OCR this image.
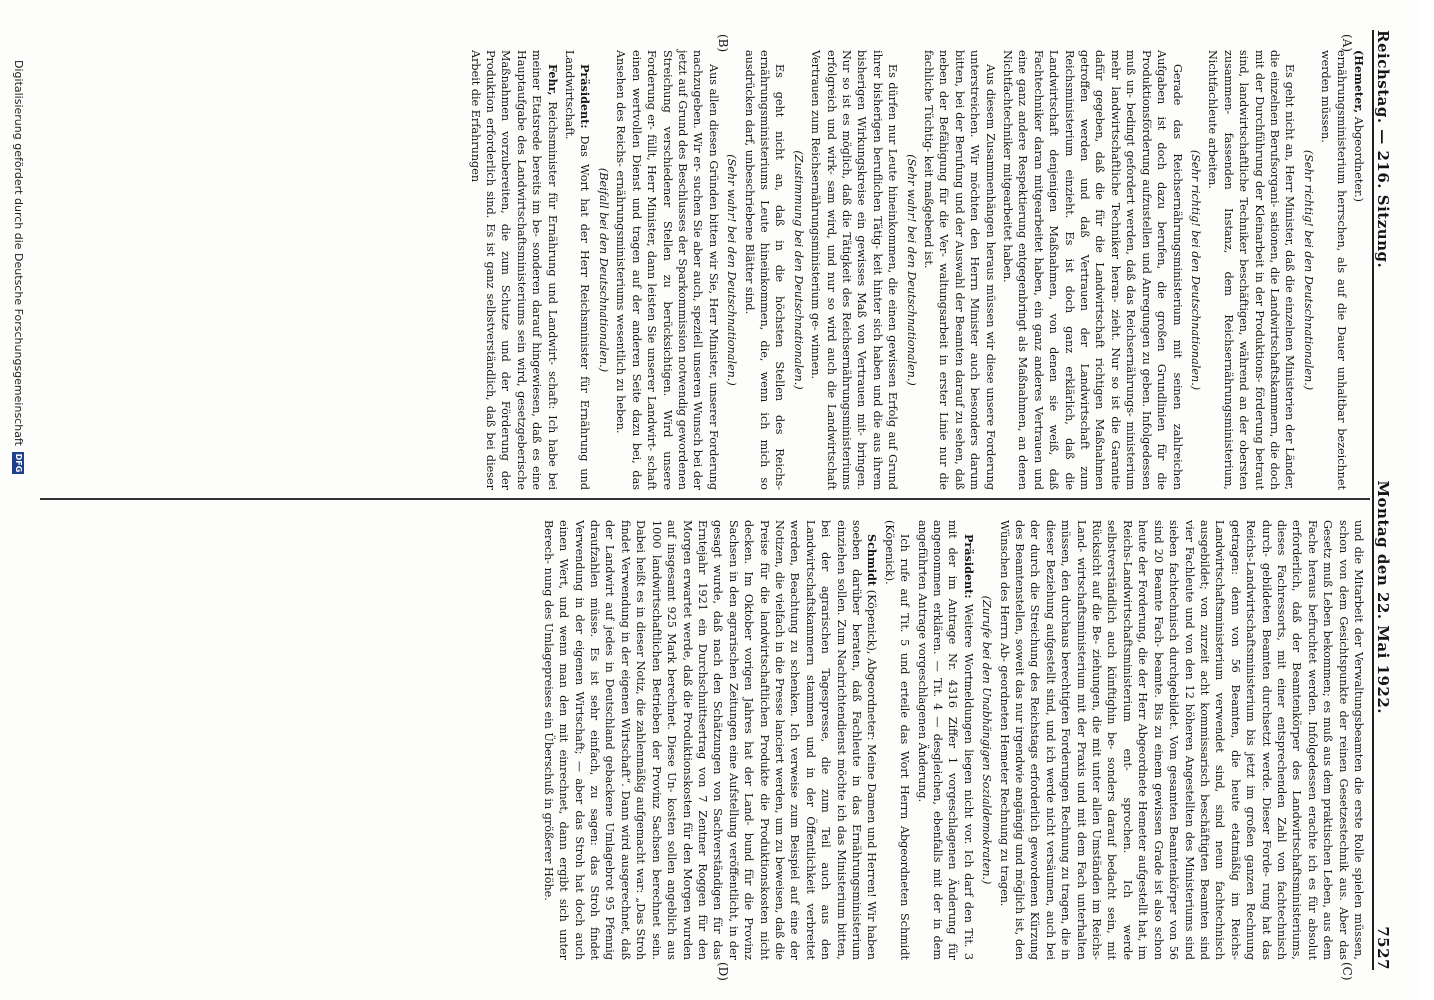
Reichstag. — 216. Sitzung.
Montag den 22. Mai 1922.
7527
(A)
(B)
(C)
(D)

(Hemeter, Abgeordneter.)

ernährungsministerium herrschen, als auf die Dauer unhaltbar bezeichnet werden müssen.

(Sehr richtig! bei den Deutschnationalen.)

Es geht nicht an, Herr Minister, daß die einzelnen Ministerien der Länder, die einzelnen Berufsorgani- sationen, die Landwirtschaftskammern, die doch mit der Durchführung der Kleinarbeit in der Produktions- förderung betraut sind, landwirtschaftliche Techniker beschäftigen, während an der obersten zusammen- fassenden Instanz, dem Reichsernährungsministerium, Nichtfachleute arbeiten.

(Sehr richtig! bei den Deutschnationalen.)

Gerade das Reichsernährungsministerium mit seinen zahlreichen Aufgaben ist doch dazu berufen, die großen Grundlinien für die Produktionsförderung aufzustellen und Anregungen zu geben. Infolgedessen muß un- bedingt gefordert werden, daß das Reichsernährungs- ministerium mehr landwirtschaftliche Techniker heran- zieht. Nur so ist die Garantie dafür gegeben, daß die für die Landwirtschaft richtigen Maßnahmen getroffen werden und daß Vertrauen der Landwirtschaft zum Reichsministerium einzieht. Es ist doch ganz erklärlich, daß die Landwirtschaft denjenigen Maßnahmen, von denen sie weiß, daß Fachtechniker daran mitgearbeitet haben, ein ganz anderes Vertrauen und eine ganz andere Respektierung entgegenbringt als Maßnahmen, an denen Nichtfachtechniker mitgearbeitet haben.

Aus diesem Zusammenhängen heraus müssen wir diese unsere Forderung unterstreichen. Wir möchten den Herrn Minister auch besonders darum bitten, bei der Berufung und der Auswahl der Beamten darauf zu sehen, daß neben der Befähigung für die Ver- waltungsarbeit in erster Linie nur die fachliche Tüchtig- keit maßgebend ist.

(Sehr wahr! bei den Deutschnationalen.)

Es dürfen nur Leute hineinkommen, die einen gewissen Erfolg auf Grund ihrer bisherigen beruflichen Tätig- keit hinter sich haben und die aus ihrem bisherigen Wirkungskreise ein gewisses Maß von Vertrauen mit- bringen. Nur so ist es möglich, daß die Tätigkeit des Reichsernährungsministeriums erfolgreich und wirk- sam wird, und nur so wird auch die Landwirtschaft Vertrauen zum Reichsernährungsministerium ge- winnen.

(Zustimmung bei den Deutschnationalen.)

Es geht nicht an, daß in die höchsten Stellen des Reichs- ernährungsministeriums Leute hineinkommen, die, wenn ich mich so ausdrücken darf, unbeschriebene Blätter sind.

(Sehr wahr! bei den Deutschnationalen.)

Aus allen diesen Gründen bitten wir Sie, Herr Minister, unserer Forderung nachzugeben. Wir er- suchen Sie aber auch, speziell unseren Wunsch bei der jetzt auf Grund des Beschlusses der Sparkommission notwendig gewordenen Streichung verschiedener Stellen zu berücksichtigen. Wird unsere Forderung er- füllt, Herr Minister, dann leisten Sie unserer Landwirt- schaft einen wertvollen Dienst und tragen auf der anderen Seite dazu bei, das Ansehen des Reichs- ernährungsministeriums wesentlich zu heben.

(Beifall bei den Deutschnationalen.)

Präsident: Das Wort hat der Herr Reichsminister für Ernährung und Landwirtschaft.

Fehr, Reichsminister für Ernährung und Landwirt- schaft: Ich habe bei meiner Etatsrede bereits im be- sonderen darauf hingewiesen, daß es eine Hauptaufgabe des Landwirtschaftsministeriums sein wird, gesetzgeberische Maßnahmen vorzubereiten, die zum Schutze und der Förderung der Produktion erforderlich sind. Es ist ganz selbstverständlich, daß bei dieser Arbeit die Erfahrungen

und die Mitarbeit der Verwaltungsbeamten die erste Rolle spielen müssen, schon von dem Gesichtspunkte der reinen Gesetzestechnik aus. Aber das Gesetz muß Leben bekommen; es muß aus dem praktischen Leben, aus dem Fache heraus befruchtet werden. Infolgedessen erachte ich es für absolut erforderlich, daß der Beamtenkörper des Landwirtschaftsministeriums, dieses Fachressorts, mit einer entsprechenden Zahl von fachtechnisch durch- gebildeten Beamten durchsetzt werde. Dieser Forde- rung hat das Reichs-Landwirtschaftsministerium bis jetzt im großen ganzen Rechnung getragen: denn von 56 Beamten, die heute etatmäßig im Reichs-Landwirtschaftsministerium verwendet sind, sind neun fachtechnisch ausgebildet; von zurzeit acht kommissarisch beschäftigten Beamten sind vier Fachleute und von den 12 höheren Angestellten des Ministeriums sind sieben fachtechnisch durchgebildet. Vom gesamten Beamtenkörper von 56 sind 20 Beamte Fach- beamte. Bis zu einem gewissen Grade ist also schon heute der Forderung, die der Herr Abgeordnete Hemeter aufgestellt hat, im Reichs-Landwirtschaftsministerium ent- sprochen. Ich werde selbstverständlich auch künftighin be- sonders darauf bedacht sein, mit Rücksicht auf die Be- ziehungen, die mit unter allen Umständen im Reichs-Land- wirtschaftsministerium mit der Praxis und mit dem Fach unterhalten müssen, den durchaus berechtigten Forderungen Rechnung zu tragen, die in dieser Beziehung aufgestellt sind, und ich werde nicht versäumen, auch bei der durch die Streichung des Reichstags erforderlich gewordenen Kürzung des Beamtenstellen, soweit das nur irgendwie angängig und möglich ist, den Wünschen des Herrn Ab- geordneten Hemeter Rechnung zu tragen.

(Zurufe bei den Unabhängigen Sozialdemokraten.)

Präsident: Weitere Wortmeldungen liegen nicht vor. Ich darf den Tit. 3 mit der im Antrage Nr. 4316 Ziffer 1 vorgeschlagenen Änderung für angenommen erklären. — Tit. 4 — desgleichen, ebenfalls mit der in dem angeführten Antrage vorgeschlagenen Änderung.

Ich rufe auf Tit. 5 und erteile das Wort Herrn Abgeordneten Schmidt (Köpenick).

Schmidt (Köpenick), Abgeordneter: Meine Damen und Herren! Wir haben soeben darüber beraten, daß Fachleute in das Ernährungsministerium einziehen sollen. Zum Nachrichtendienst möchte ich das Ministerium bitten, bei der agrarischen Tagespresse, die zum Teil auch aus den Landwirtschaftskammern stammen und in der Öffentlichkeit verbreitet werden, Beachtung zu schenken. Ich verweise zum Beispiel auf eine der Notizen, die vielfach in die Presse lanciert werden, um zu beweisen, daß die Preise für die landwirtschaftlichen Produkte die Produktionskosten nicht decken. Im Oktober vorigen Jahres hat der Land- bund für die Provinz Sachsen in den agrarischen Zeitungen eine Aufstellung veröffentlicht, in der gesagt wurde, daß nach den Schätzungen von Sachverständigen für das Erntejahr 1921 ein Durchschnittsertrag von 7 Zentner Roggen für den Morgen erwartet werde, daß die Produktionskosten für den Morgen wurden auf insgesamt 925 Mark berechnet. Diese Un- kosten sollen angeblich aus 1000 landwirtschaftlichen Betrieben der Provinz Sachsen berechnet sein. Dabei heißt es in dieser Notiz, die zahlenmäßig aufgemacht war: „Das Stroh findet Verwendung in der eigenen Wirtschaft“. Dann wird ausgerechnet, daß der Landwirt auf jedes in Deutschland gebackene Umlagebrot 95 Pfennig draufzahlen müsse. Es ist sehr einfach, zu sagen: das Stroh findet Verwendung in der eigenen Wirtschaft; — aber das Stroh hat doch auch einen Wert, und wenn man den mit einrechnet, dann ergibt sich unter Berech- nung des Umlagepreises ein Überschuß in größerer Höhe.

Digitalisierung gefördert durch die Deutsche Forschungsgemeinschaft
DFG
